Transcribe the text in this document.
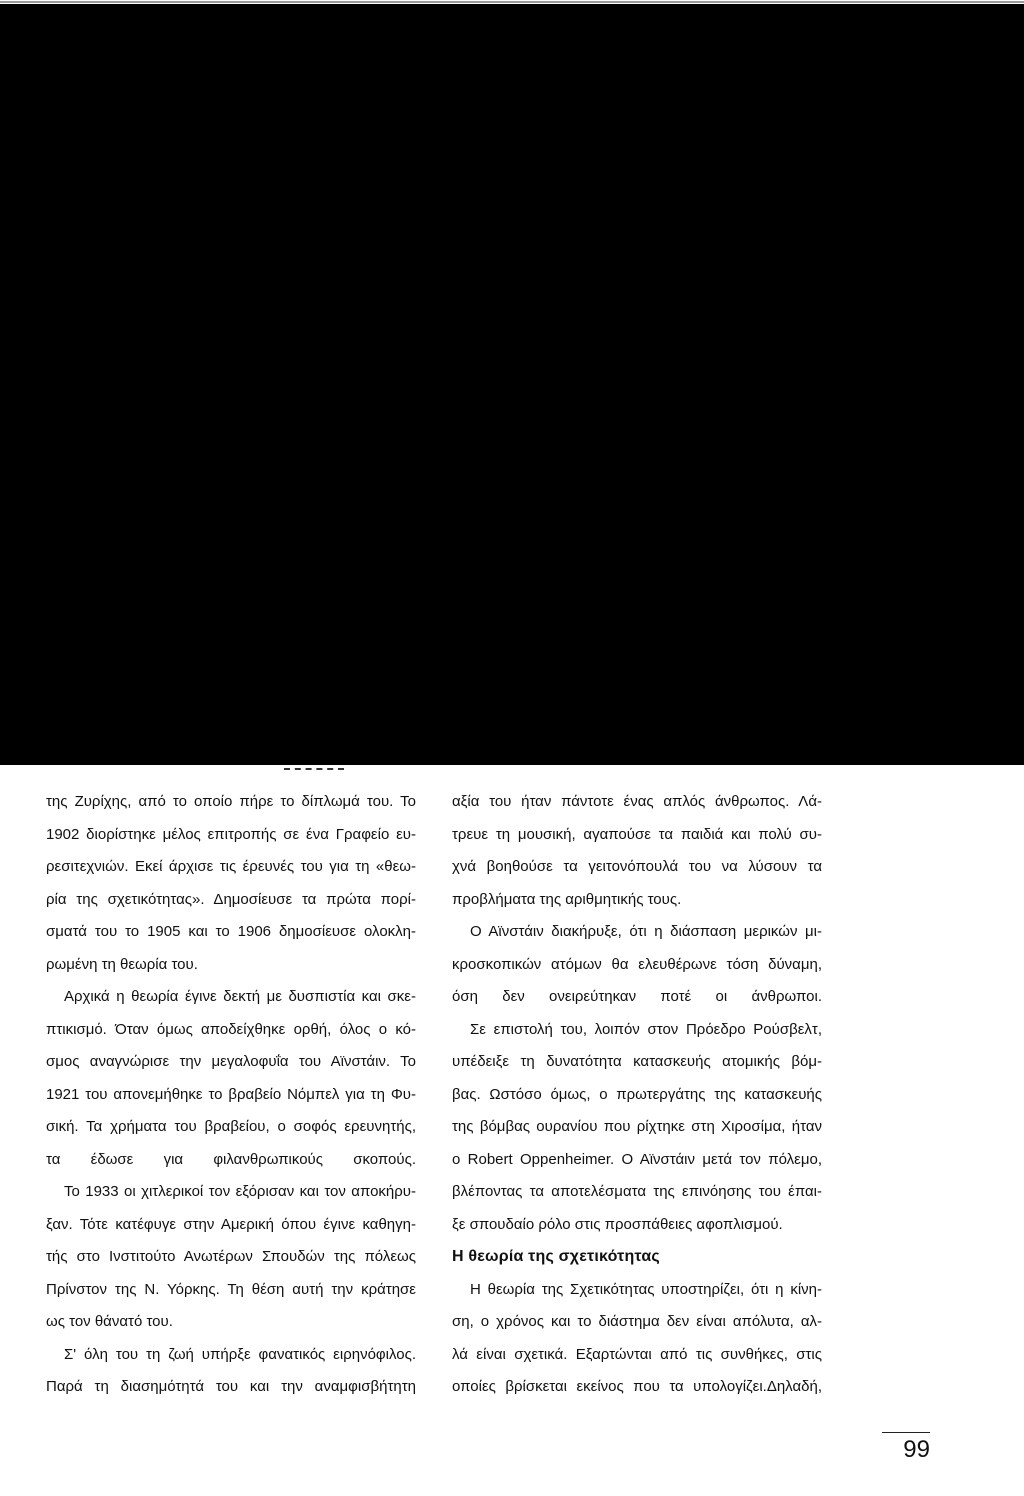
της Ζυρίχης, από το οποίο πήρε το δίπλωμά του. Το
1902 διορίστηκε μέλος επιτροπής σε ένα Γραφείο ευ-
ρεσιτεχνιών. Εκεί άρχισε τις έρευνές του για τη «θεω-
ρία της σχετικότητας». Δημοσίευσε τα πρώτα πορί-
σματά του το 1905 και το 1906 δημοσίευσε ολοκλη-
ρωμένη τη θεωρία του.
Αρχικά η θεωρία έγινε δεκτή με δυσπιστία και σκε-
πτικισμό. Όταν όμως αποδείχθηκε ορθή, όλος ο κό-
σμος αναγνώρισε την μεγαλοφυΐα του Αϊνστάιν. Το
1921 του απονεμήθηκε το βραβείο Νόμπελ για τη Φυ-
σική. Τα χρήματα του βραβείου, ο σοφός ερευνητής,
τα έδωσε για φιλανθρωπικούς σκοπούς.
Το 1933 οι χιτλερικοί τον εξόρισαν και τον αποκήρυ-
ξαν. Τότε κατέφυγε στην Αμερική όπου έγινε καθηγη-
τής στο Ινστιτούτο Ανωτέρων Σπουδών της πόλεως
Πρίνστον της Ν. Υόρκης. Τη θέση αυτή την κράτησε
ως τον θάνατό του.
Σ' όλη του τη ζωή υπήρξε φανατικός ειρηνόφιλος.
Παρά τη διασημότητά του και την αναμφισβήτητη
αξία του ήταν πάντοτε ένας απλός άνθρωπος. Λά-
τρευε τη μουσική, αγαπούσε τα παιδιά και πολύ συ-
χνά βοηθούσε τα γειτονόπουλά του να λύσουν τα
προβλήματα της αριθμητικής τους.
Ο Αϊνστάιν διακήρυξε, ότι η διάσπαση μερικών μι-
κροσκοπικών ατόμων θα ελευθέρωνε τόση δύναμη,
όση δεν ονειρεύτηκαν ποτέ οι άνθρωποι.
Σε επιστολή του, λοιπόν στον Πρόεδρο Ρούσβελτ,
υπέδειξε τη δυνατότητα κατασκευής ατομικής βόμ-
βας. Ωστόσο όμως, ο πρωτεργάτης της κατασκευής
της βόμβας ουρανίου που ρίχτηκε στη Χιροσίμα, ήταν
ο Robert Oppenheimer. Ο Αϊνστάιν μετά τον πόλεμο,
βλέποντας τα αποτελέσματα της επινόησης του έπαι-
ξε σπουδαίο ρόλο στις προσπάθειες αφοπλισμού.
Η θεωρία της σχετικότητας
Η θεωρία της Σχετικότητας υποστηρίζει, ότι η κίνη-
ση, ο χρόνος και το διάστημα δεν είναι απόλυτα, αλ-
λά είναι σχετικά. Εξαρτώνται από τις συνθήκες, στις
οποίες βρίσκεται εκείνος που τα υπολογίζει.Δηλαδή,
99
